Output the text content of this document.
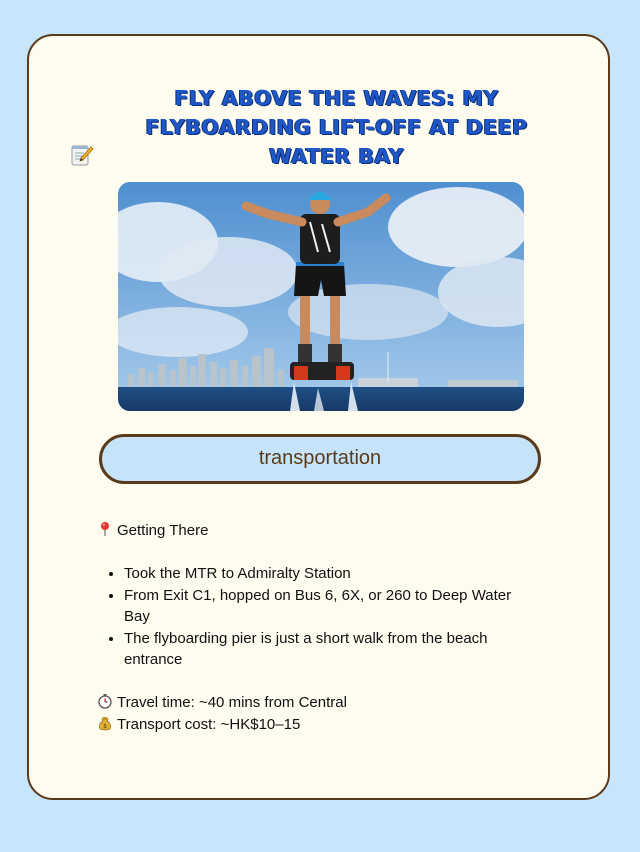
FLY ABOVE THE WAVES: MY FLYBOARDING LIFT-OFF AT DEEP WATER BAY
transportation

Getting There

• Took the MTR to Admiralty Station
• From Exit C1, hopped on Bus 6, 6X, or 260 to Deep Water Bay
• The flyboarding pier is just a short walk from the beach entrance

Travel time: ~40 mins from Central

$ Transport cost: ~HK$10–15
